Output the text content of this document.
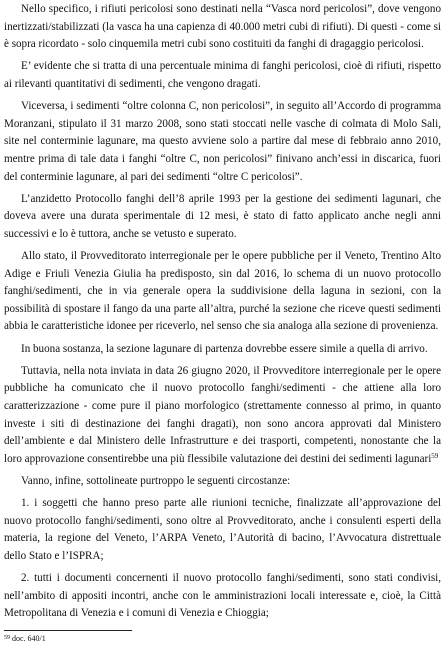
Nello specifico, i rifiuti pericolosi sono destinati nella “Vasca nord pericolosi”, dove vengono inertizzati/stabilizzati (la vasca ha una capienza di 40.000 metri cubi di rifiuti). Di questi - come si è sopra ricordato - solo cinquemila metri cubi sono costituiti da fanghi di dragaggio pericolosi.

E’ evidente che si tratta di una percentuale minima di fanghi pericolosi, cioè di rifiuti, rispetto ai rilevanti quantitativi di sedimenti, che vengono dragati.

Viceversa, i sedimenti “oltre colonna C, non pericolosi”, in seguito all’Accordo di programma Moranzani, stipulato il 31 marzo 2008, sono stati stoccati nelle vasche di colmata di Molo Sali, site nel conterminie lagunare, ma questo avviene solo a partire dal mese di febbraio anno 2010, mentre prima di tale data i fanghi “oltre C, non pericolosi” finivano anch’essi in discarica, fuori del conterminie lagunare, al pari dei sedimenti “oltre C pericolosi”.

L’anzidetto Protocollo fanghi dell’8 aprile 1993 per la gestione dei sedimenti lagunari, che doveva avere una durata sperimentale di 12 mesi, è stato di fatto applicato anche negli anni successivi e lo è tuttora, anche se vetusto e superato.

Allo stato, il Provveditorato interregionale per le opere pubbliche per il Veneto, Trentino Alto Adige e Friuli Venezia Giulia ha predisposto, sin dal 2016, lo schema di un nuovo protocollo fanghi/sedimenti, che in via generale opera la suddivisione della laguna in sezioni, con la possibilità di spostare il fango da una parte all’altra, purché la sezione che riceve questi sedimenti abbia le caratteristiche idonee per riceverlo, nel senso che sia analoga alla sezione di provenienza.

In buona sostanza, la sezione lagunare di partenza dovrebbe essere simile a quella di arrivo.

Tuttavia, nella nota inviata in data 26 giugno 2020, il Provveditore interregionale per le opere pubbliche ha comunicato che il nuovo protocollo fanghi/sedimenti - che attiene alla loro caratterizzazione - come pure il piano morfologico (strettamente connesso al primo, in quanto investe i siti di destinazione dei fanghi dragati), non sono ancora approvati dal Ministero dell’ambiente e dal Ministero delle Infrastrutture e dei trasporti, competenti, nonostante che la loro approvazione consentirebbe una più flessibile valutazione dei destini dei sedimenti lagunari$^{59}$

Vanno, infine, sottolineate purtroppo le seguenti circostanze:

1. i soggetti che hanno preso parte alle riunioni tecniche, finalizzate all’approvazione del nuovo protocollo fanghi/sedimenti, sono oltre al Provveditorato, anche i consulenti esperti della materia, la regione del Veneto, l’ARPA Veneto, l’Autorità di bacino, l’Avvocatura distrettuale dello Stato e l’ISPRA;

2. tutti i documenti concernenti il nuovo protocollo fanghi/sedimenti, sono stati condivisi, nell’ambito di appositi incontri, anche con le amministrazioni locali interessate e, cioè, la Città Metropolitana di Venezia e i comuni di Venezia e Chioggia;

$^{59}$ doc. 640/1
